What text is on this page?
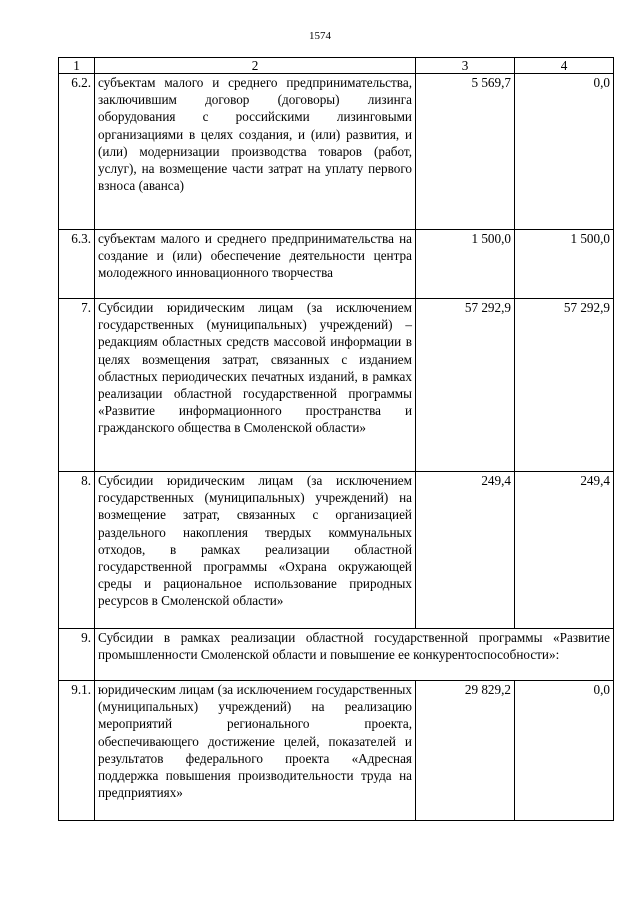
1574
1	2	3	4
6.2.	субъектам малого и среднего предпринимательства, заключившим договор (договоры) лизинга оборудования с российскими лизинговыми организациями в целях создания, и (или) развития, и (или) модернизации производства товаров (работ, услуг), на возмещение части затрат на уплату первого взноса (аванса)	5 569,7	0,0
6.3.	субъектам малого и среднего предпринимательства на создание и (или) обеспечение деятельности центра молодежного инновационного творчества	1 500,0	1 500,0
7.	Субсидии юридическим лицам (за исключением государственных (муниципальных) учреждений) – редакциям областных средств массовой информации в целях возмещения затрат, связанных с изданием областных периодических печатных изданий, в рамках реализации областной государственной программы «Развитие информационного пространства и гражданского общества в Смоленской области»	57 292,9	57 292,9
8.	Субсидии юридическим лицам (за исключением государственных (муниципальных) учреждений) на возмещение затрат, связанных с организацией раздельного накопления твердых коммунальных отходов, в рамках реализации областной государственной программы «Охрана окружающей среды и рациональное использование природных ресурсов в Смоленской области»	249,4	249,4
9.	Субсидии в рамках реализации областной государственной программы «Развитие промышленности Смоленской области и повышение ее конкурентоспособности»:		
9.1.	юридическим лицам (за исключением государственных (муниципальных) учреждений) на реализацию мероприятий регионального проекта, обеспечивающего достижение целей, показателей и результатов федерального проекта «Адресная поддержка повышения производительности труда на предприятиях»	29 829,2	0,0
